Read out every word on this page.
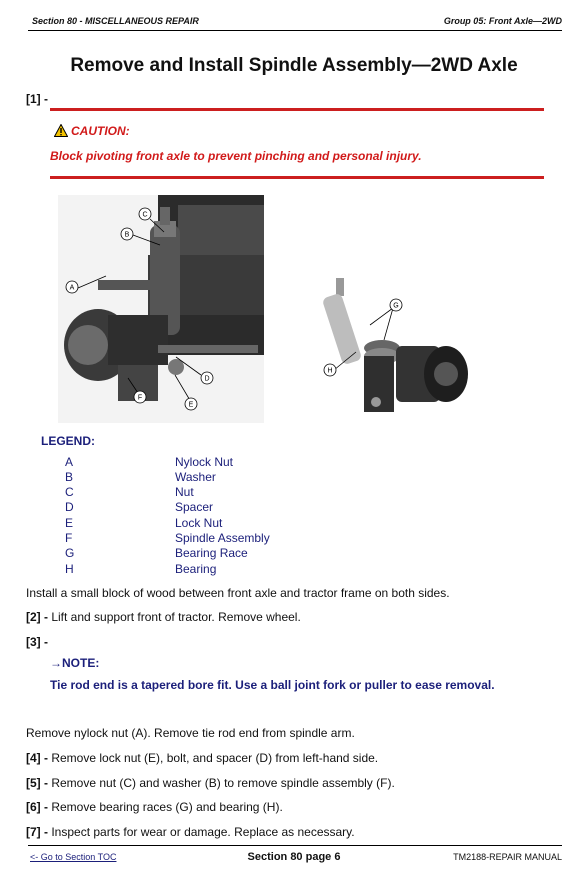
Section 80 - MISCELLANEOUS REPAIR	Group 05: Front Axle—2WD
Remove and Install Spindle Assembly—2WD Axle
[1] -
CAUTION:
Block pivoting front axle to prevent pinching and personal injury.
C
B
A
D
E
F
G
H
LEGEND:
A	Nylock Nut
B	Washer
C	Nut
D	Spacer
E	Lock Nut
F	Spindle Assembly
G	Bearing Race
H	Bearing
Install a small block of wood between front axle and tractor frame on both sides.
[2] - Lift and support front of tractor. Remove wheel.
[3] -
→NOTE:
Tie rod end is a tapered bore fit. Use a ball joint fork or puller to ease removal.
Remove nylock nut (A). Remove tie rod end from spindle arm.
[4] - Remove lock nut (E), bolt, and spacer (D) from left-hand side.
[5] - Remove nut (C) and washer (B) to remove spindle assembly (F).
[6] - Remove bearing races (G) and bearing (H).
[7] - Inspect parts for wear or damage. Replace as necessary.
<- Go to Section TOC	Section 80 page 6	TM2188-REPAIR MANUAL
